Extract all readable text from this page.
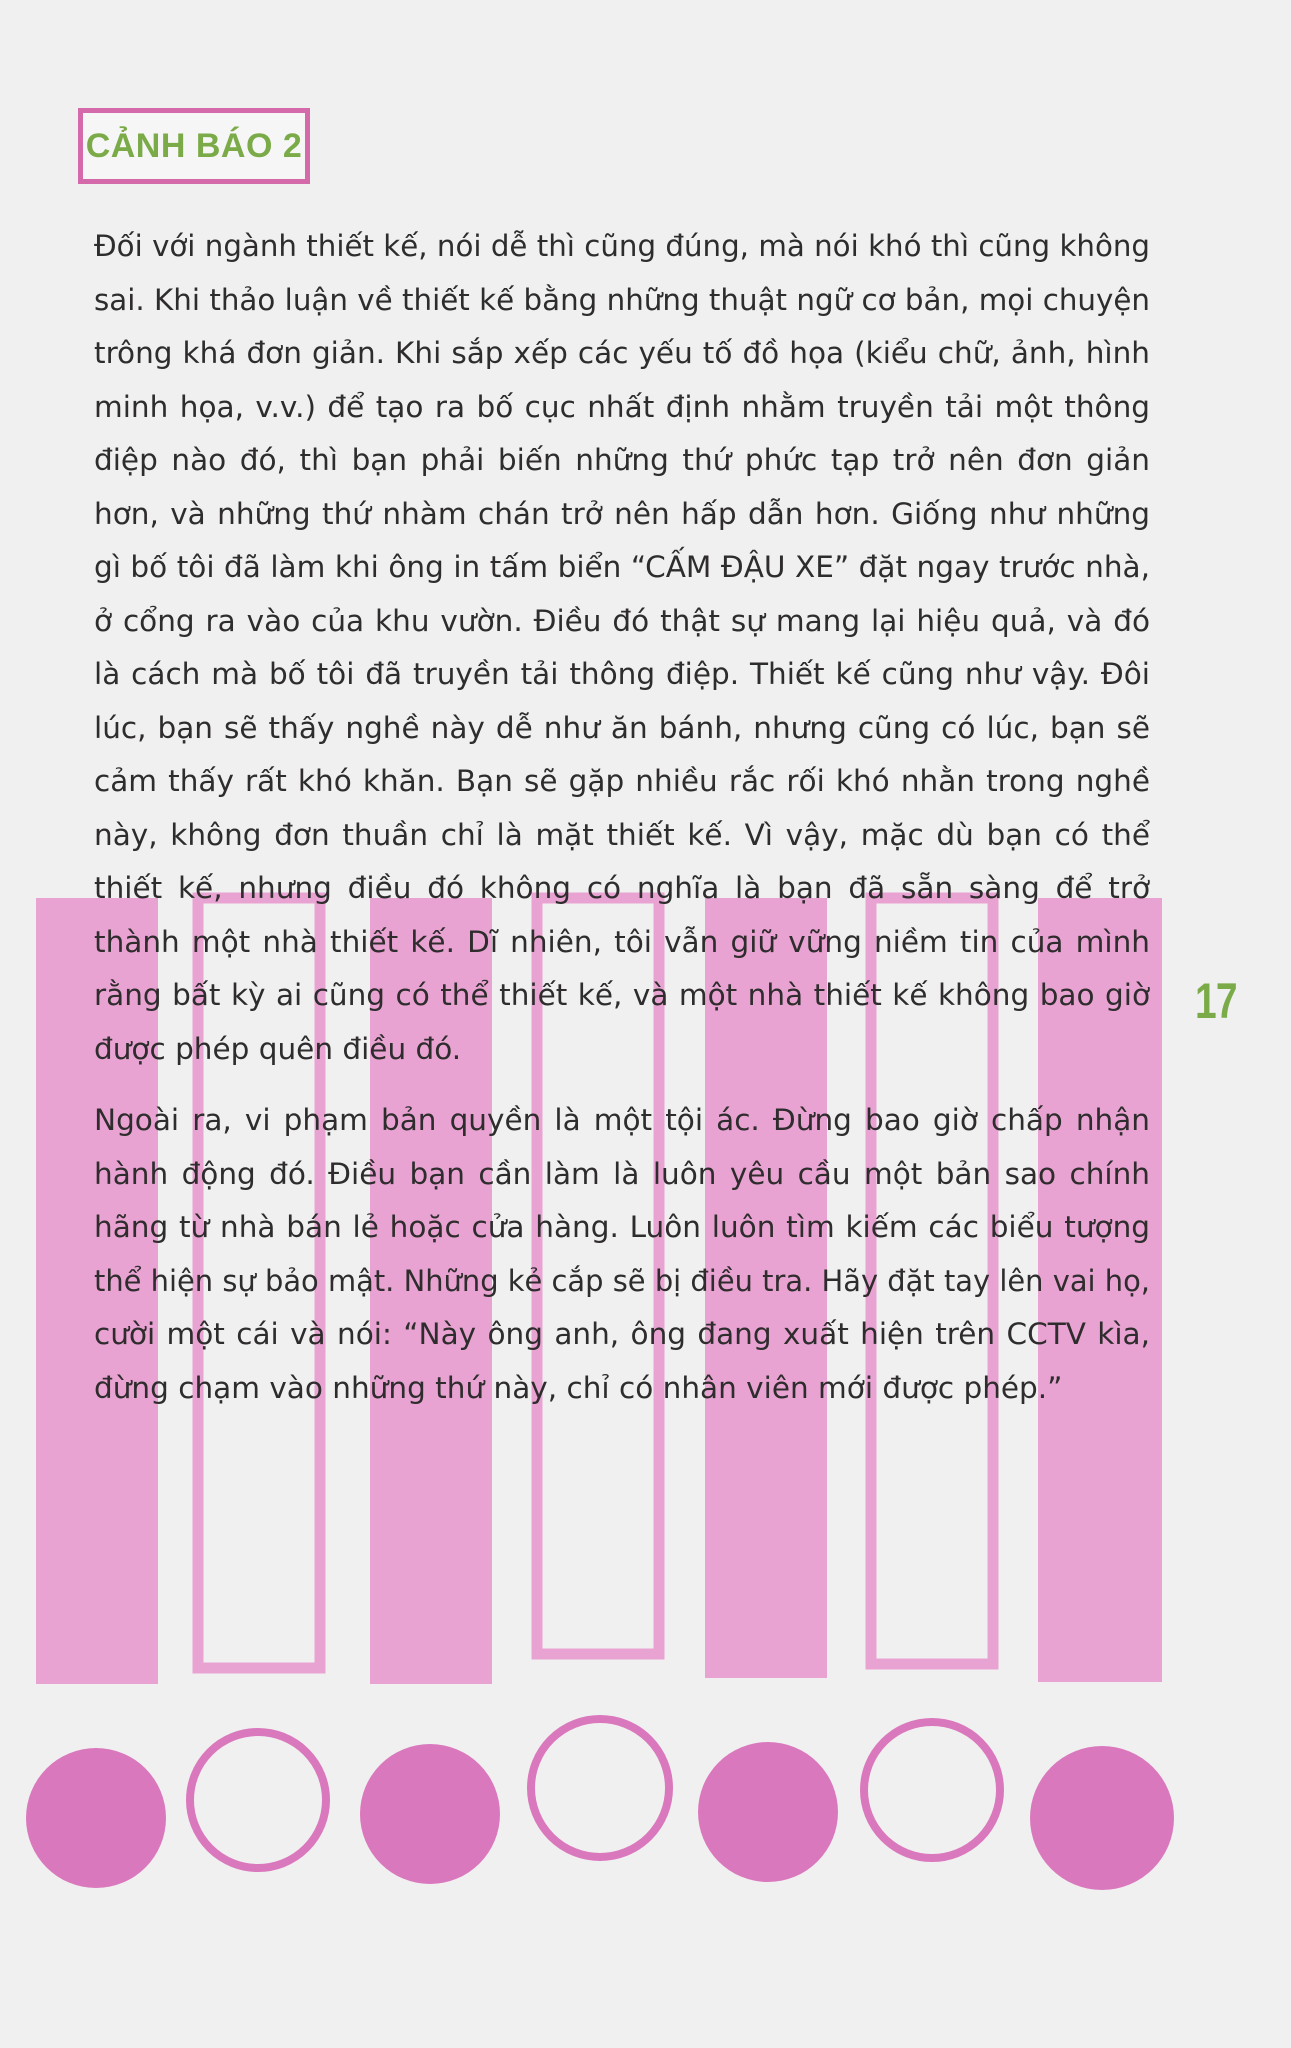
CẢNH BÁO 2
Đối với ngành thiết kế, nói dễ thì cũng đúng, mà nói khó thì cũng không
sai. Khi thảo luận về thiết kế bằng những thuật ngữ cơ bản, mọi chuyện
trông khá đơn giản. Khi sắp xếp các yếu tố đồ họa (kiểu chữ, ảnh, hình
minh họa, v.v.) để tạo ra bố cục nhất định nhằm truyền tải một thông
điệp nào đó, thì bạn phải biến những thứ phức tạp trở nên đơn giản
hơn, và những thứ nhàm chán trở nên hấp dẫn hơn. Giống như những
gì bố tôi đã làm khi ông in tấm biển “CẤM ĐẬU XE” đặt ngay trước nhà,
ở cổng ra vào của khu vườn. Điều đó thật sự mang lại hiệu quả, và đó
là cách mà bố tôi đã truyền tải thông điệp. Thiết kế cũng như vậy. Đôi
lúc, bạn sẽ thấy nghề này dễ như ăn bánh, nhưng cũng có lúc, bạn sẽ
cảm thấy rất khó khăn. Bạn sẽ gặp nhiều rắc rối khó nhằn trong nghề
này, không đơn thuần chỉ là mặt thiết kế. Vì vậy, mặc dù bạn có thể
thiết kế, nhưng điều đó không có nghĩa là bạn đã sẵn sàng để trở
thành một nhà thiết kế. Dĩ nhiên, tôi vẫn giữ vững niềm tin của mình
rằng bất kỳ ai cũng có thể thiết kế, và một nhà thiết kế không bao giờ
được phép quên điều đó.
Ngoài ra, vi phạm bản quyền là một tội ác. Đừng bao giờ chấp nhận
hành động đó. Điều bạn cần làm là luôn yêu cầu một bản sao chính
hãng từ nhà bán lẻ hoặc cửa hàng. Luôn luôn tìm kiếm các biểu tượng
thể hiện sự bảo mật. Những kẻ cắp sẽ bị điều tra. Hãy đặt tay lên vai họ,
cười một cái và nói: “Này ông anh, ông đang xuất hiện trên CCTV kìa,
đừng chạm vào những thứ này, chỉ có nhân viên mới được phép.”
17
